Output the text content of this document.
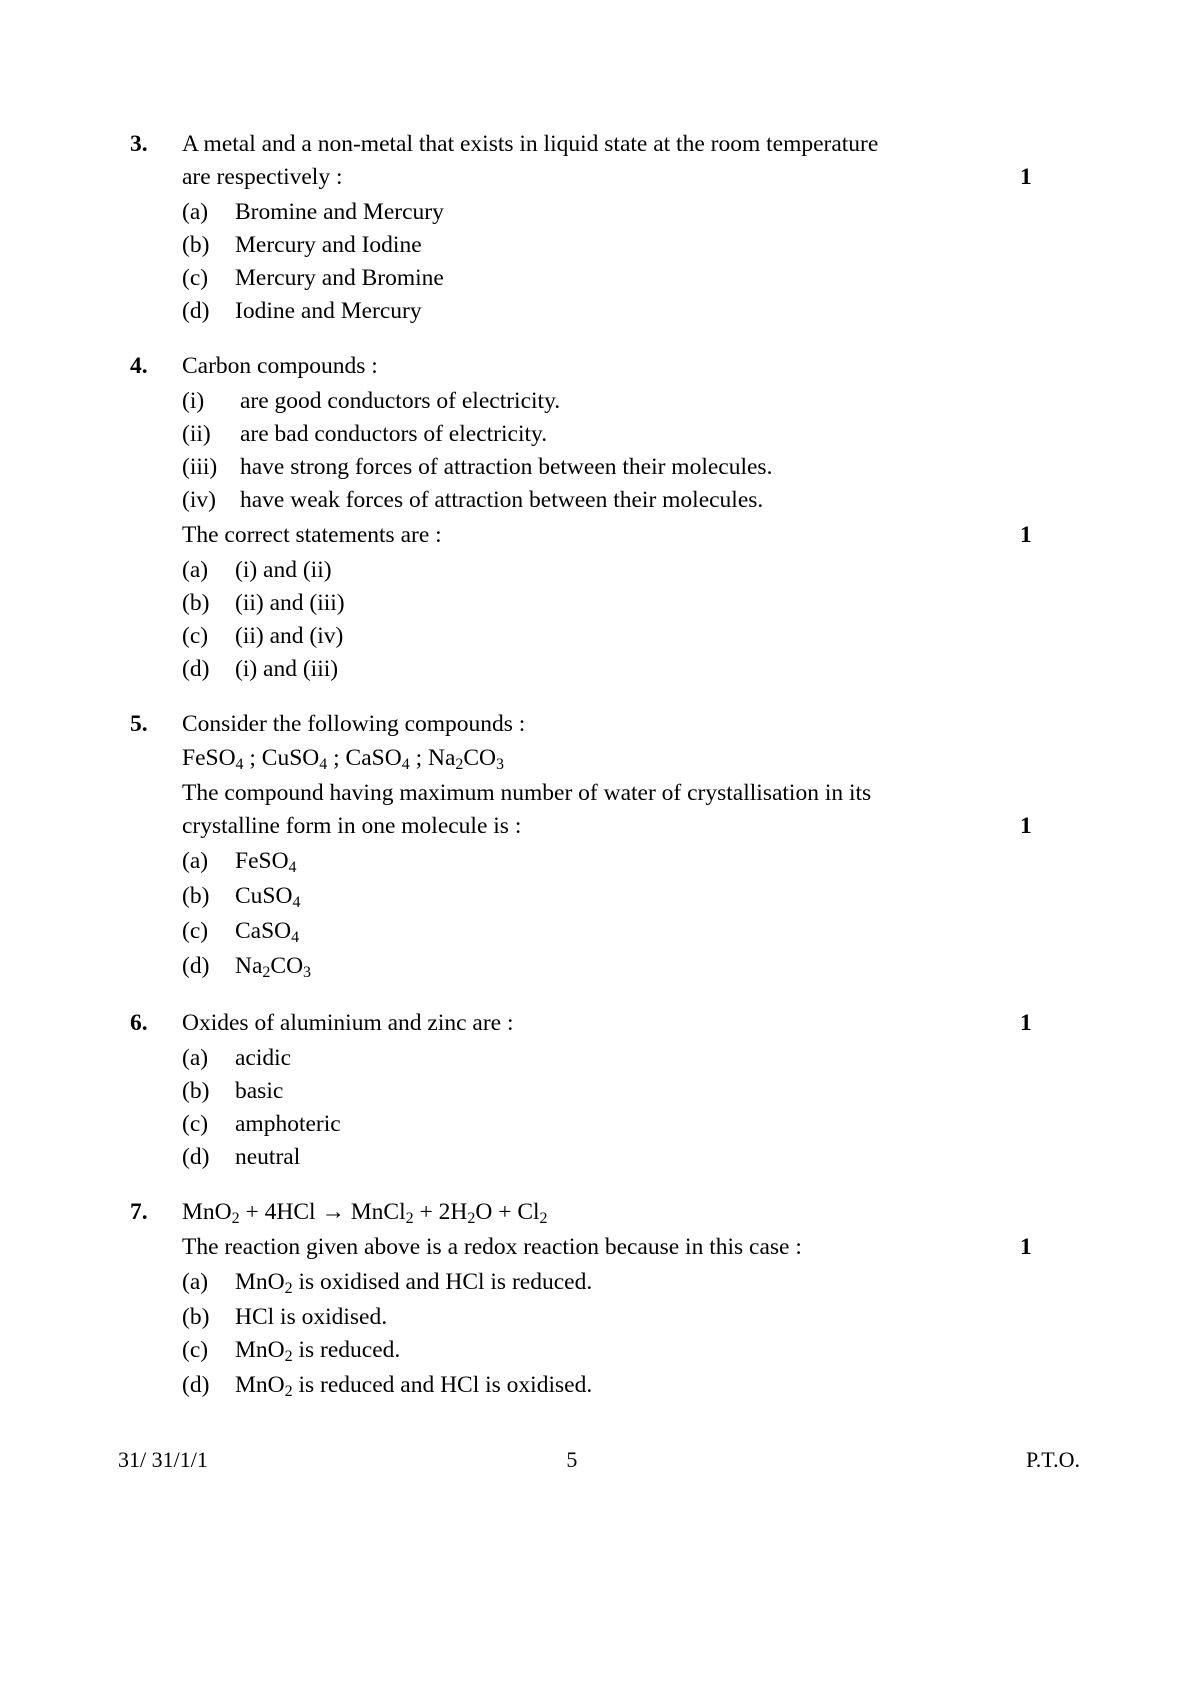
3.	A metal and a non-metal that exists in liquid state at the room temperature
are respectively :	1
(a)	Bromine and Mercury
(b)	Mercury and Iodine
(c)	Mercury and Bromine
(d)	Iodine and Mercury
4.	Carbon compounds :
(i)	are good conductors of electricity.
(ii)	are bad conductors of electricity.
(iii) have strong forces of attraction between their molecules.
(iv)	have weak forces of attraction between their molecules.
The correct statements are :	1
(a)	(i) and (ii)
(b)	(ii) and (iii)
(c)	(ii) and (iv)
(d)	(i) and (iii)
5.	Consider the following compounds :
FeSO$_4$ ; CuSO$_4$ ; CaSO$_4$ ; $Na_2CO_3$
The compound having maximum number of water of crystallisation in its
crystalline form in one molecule is :	1
(a)	FeSO$_4$
(b)	CuSO$_4$
(c)	CaSO$_4$
(d)	$Na_2CO_3$
6.	Oxides of aluminium and zinc are :	1
(a)	acidic
(b)	basic
(c)	amphoteric
(d)	neutral
7.	MnO$_2$ + 4HCl → MnCl$_2$ + $2H_2O + Cl_2$
The reaction given above is a redox reaction because in this case :	1
(a)	MnO$_2$ is oxidised and HCl is reduced.
(b)	HCl is oxidised.
(c)	MnO$_2$ is reduced.
(d)	MnO$_2$ is reduced and HCl is oxidised.
31/ 31/1/1	5	P.T.O.
